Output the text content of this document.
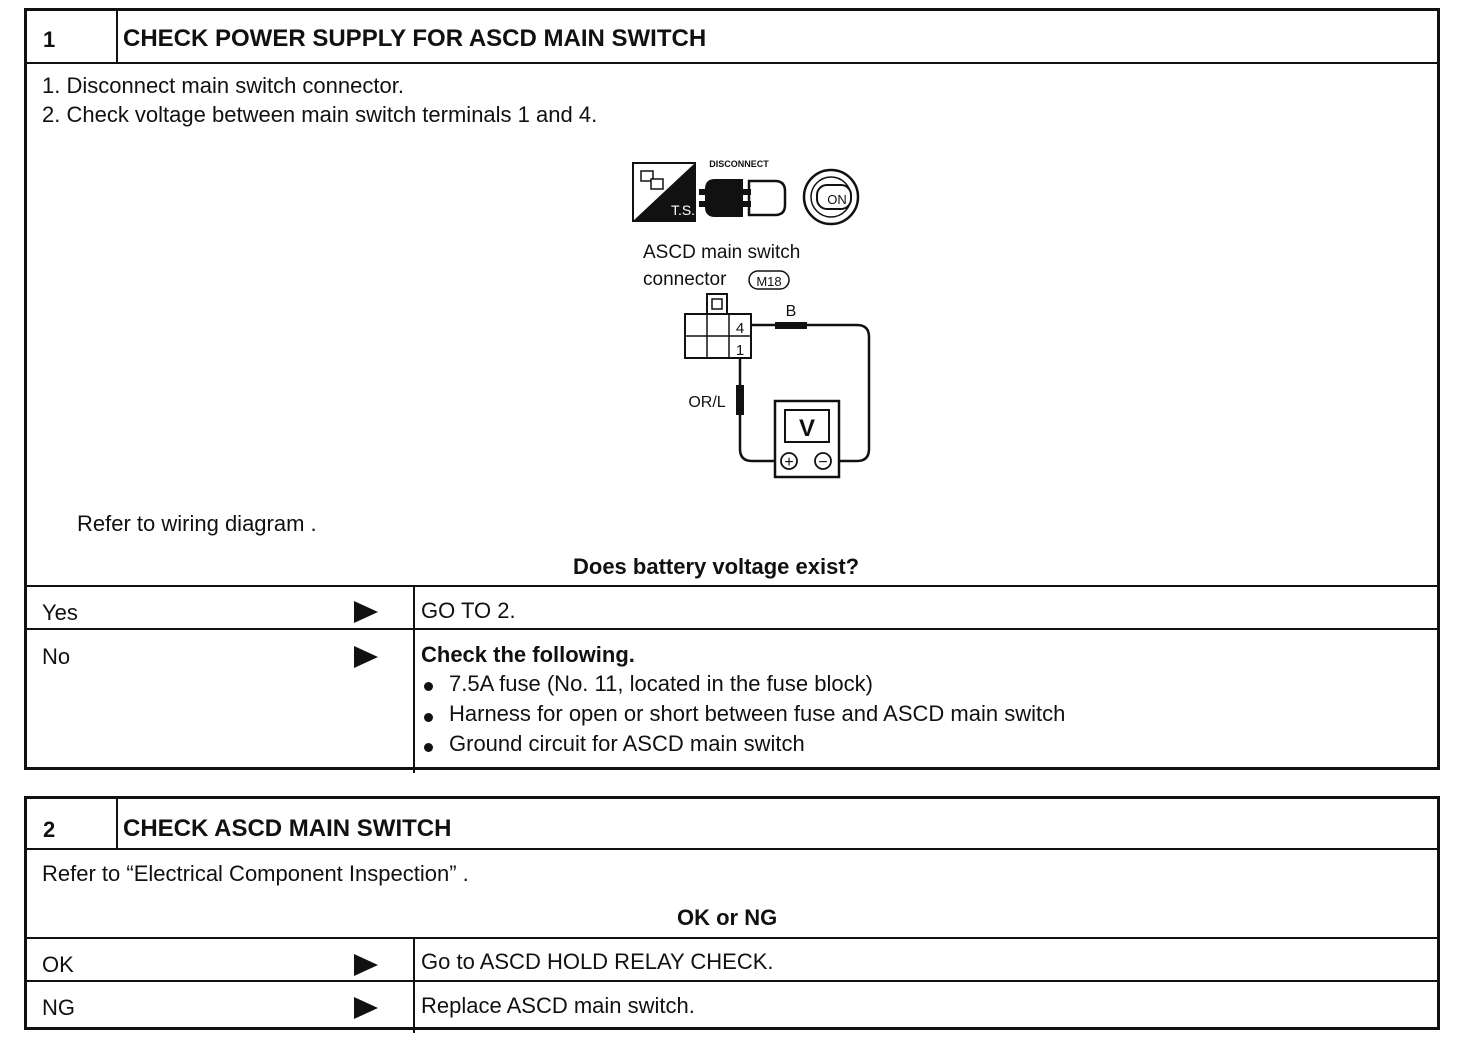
1	CHECK POWER SUPPLY FOR ASCD MAIN SWITCH
1. Disconnect main switch connector.
2. Check voltage between main switch terminals 1 and 4.
T.S.
DISCONNECT
ON
ASCD main switch
connector M18
4
1
B
OR/L
V
+ −
Refer to wiring diagram .
Does battery voltage exist?
Yes	GO TO 2.
No	Check the following.
7.5A fuse (No. 11, located in the fuse block)
Harness for open or short between fuse and ASCD main switch
Ground circuit for ASCD main switch
2	CHECK ASCD MAIN SWITCH
Refer to “Electrical Component Inspection” .
OK or NG
OK	Go to ASCD HOLD RELAY CHECK.
NG	Replace ASCD main switch.
